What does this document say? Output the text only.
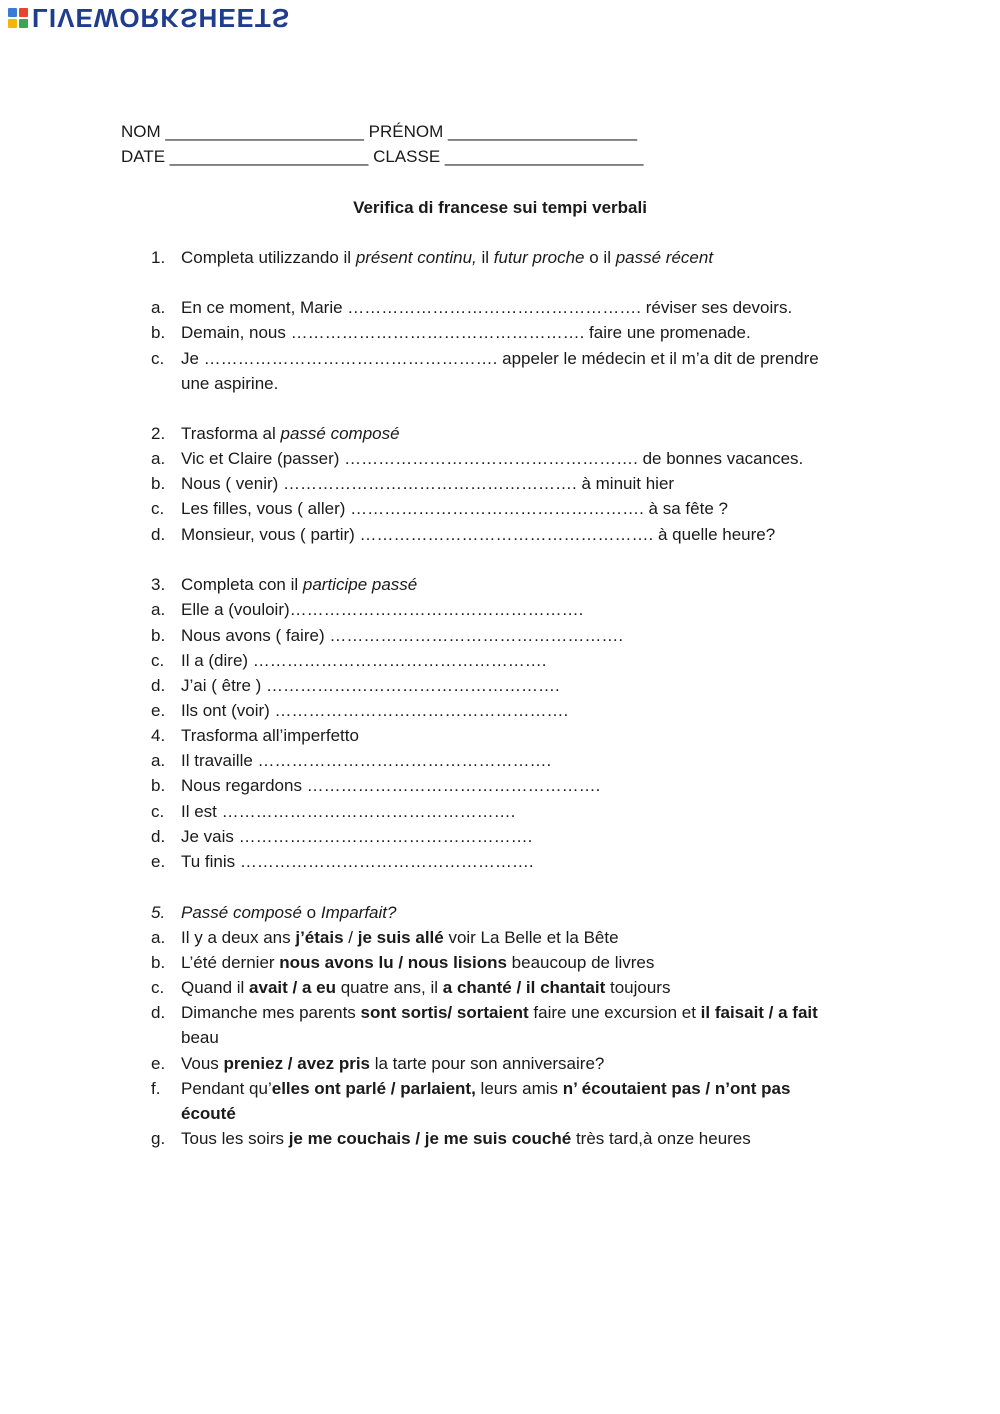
LIVEWORKSHEETS
NOM _____________________ PRÉNOM ____________________
DATE _____________________ CLASSE _____________________
Verifica di francese sui tempi verbali
1. Completa utilizzando il présent continu, il futur proche o il passé récent
a. En ce moment, Marie ……………………………………………. réviser ses devoirs.
b. Demain, nous ……………………………………………. faire une promenade.
c. Je ……………………………………………. appeler le médecin et il m’a dit de prendre
une aspirine.
2. Trasforma al passé composé
a. Vic et Claire (passer) ……………………………………………. de bonnes vacances.
b. Nous ( venir) ……………………………………………. à minuit hier
c. Les filles, vous ( aller) ……………………………………………. à sa fête ?
d. Monsieur, vous ( partir) ……………………………………………. à quelle heure?
3. Completa con il participe passé
a. Elle a (vouloir)…………………………………………….
b. Nous avons ( faire) …………………………………………….
c. Il a (dire) …………………………………………….
d. J’ai ( être ) …………………………………………….
e. Ils ont (voir) …………………………………………….
4. Trasforma all’imperfetto
a. Il travaille …………………………………………….
b. Nous regardons …………………………………………….
c. Il est …………………………………………….
d. Je vais …………………………………………….
e. Tu finis …………………………………………….
5. Passé composé o Imparfait?
a. Il y a deux ans j’étais / je suis allé voir La Belle et la Bête
b. L’été dernier nous avons lu / nous lisions beaucoup de livres
c. Quand il avait / a eu quatre ans, il a chanté / il chantait toujours
d. Dimanche mes parents sont sortis/ sortaient faire une excursion et il faisait / a fait
beau
e. Vous preniez / avez pris la tarte pour son anniversaire?
f. Pendant qu’elles ont parlé / parlaient, leurs amis n’ écoutaient pas / n’ont pas
écouté
g. Tous les soirs je me couchais / je me suis couché très tard,à onze heures
